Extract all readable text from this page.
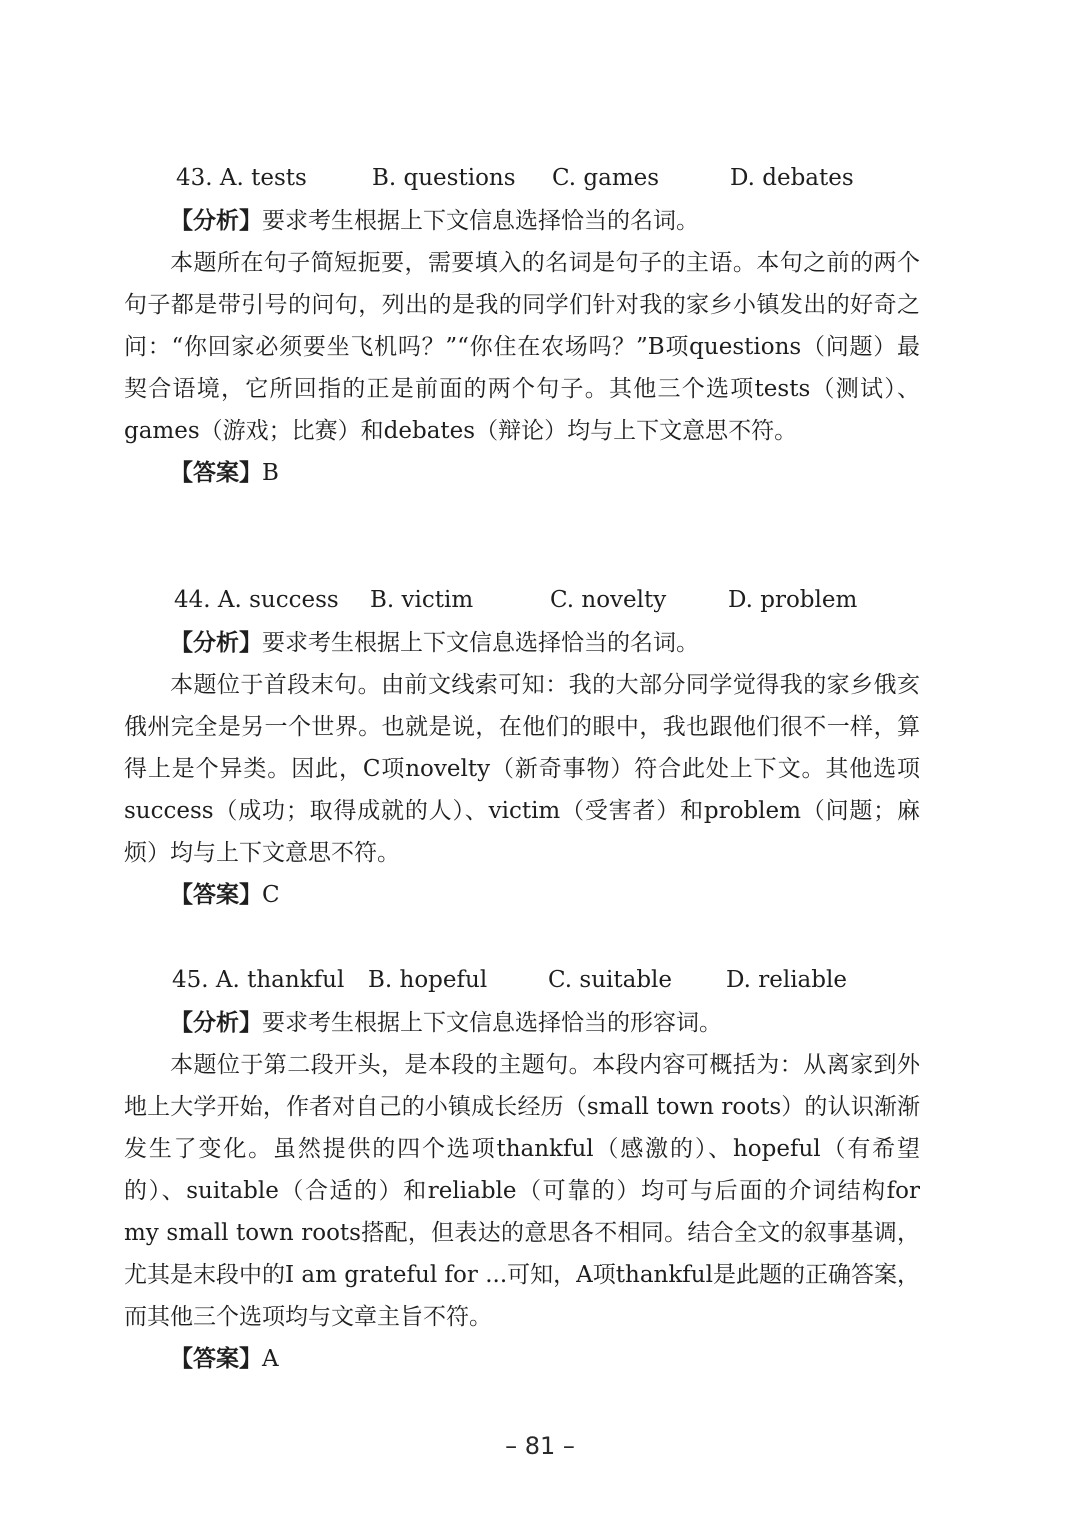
43. A. tests	B. questions C. games	D. debates
【分析】要求考生根据上下文信息选择恰当的名词。

本题所在句子简短扼要，需要填入的名词是句子的主语。本句之前的两个句子都是带引号的问句，列出的是我的同学们针对我的家乡小镇发出的好奇之问：“你回家必须要坐飞机吗？”“你住在农场吗？”B项questions（问题）最契合语境，它所回指的正是前面的两个句子。其他三个选项tests（测试）、games（游戏；比赛）和debates（辩论）均与上下文意思不符。

【答案】B
44. A. success B. victim	C. novelty	D. problem
【分析】要求考生根据上下文信息选择恰当的名词。

本题位于首段末句。由前文线索可知：我的大部分同学觉得我的家乡俄亥俄州完全是另一个世界。也就是说，在他们的眼中，我也跟他们很不一样，算得上是个异类。因此，C项novelty（新奇事物）符合此处上下文。其他选项success（成功；取得成就的人）、victim（受害者）和problem（问题；麻烦）均与上下文意思不符。

【答案】C
45. A. thankful B. hopeful	C. suitable D. reliable
【分析】要求考生根据上下文信息选择恰当的形容词。

本题位于第二段开头，是本段的主题句。本段内容可概括为：从离家到外地上大学开始，作者对自己的小镇成长经历（small town roots）的认识渐渐发生了变化。虽然提供的四个选项thankful（感激的）、hopeful（有希望的）、suitable（合适的）和reliable（可靠的）均可与后面的介词结构for my small town roots搭配，但表达的意思各不相同。结合全文的叙事基调，尤其是末段中的I am grateful for ...可知，A项thankful是此题的正确答案，而其他三个选项均与文章主旨不符。

【答案】A
– 81 –
